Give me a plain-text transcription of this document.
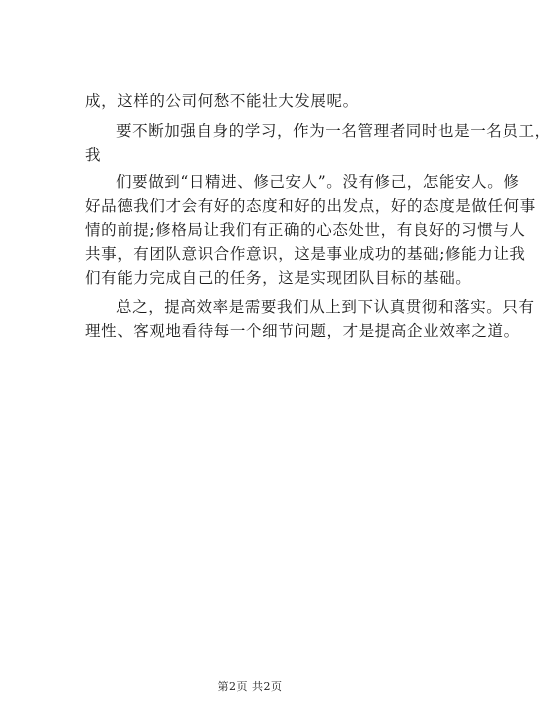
成，这样的公司何愁不能壮大发展呢。
要不断加强自身的学习，作为一名管理者同时也是一名员工，
我
们要做到“日精进、修己安人”。没有修己，怎能安人。修
好品德我们才会有好的态度和好的出发点，好的态度是做任何事
情的前提;修格局让我们有正确的心态处世，有良好的习惯与人
共事，有团队意识合作意识，这是事业成功的基础;修能力让我
们有能力完成自己的任务，这是实现团队目标的基础。
总之，提高效率是需要我们从上到下认真贯彻和落实。只有
理性、客观地看待每一个细节问题，才是提高企业效率之道。
第2页 共2页
